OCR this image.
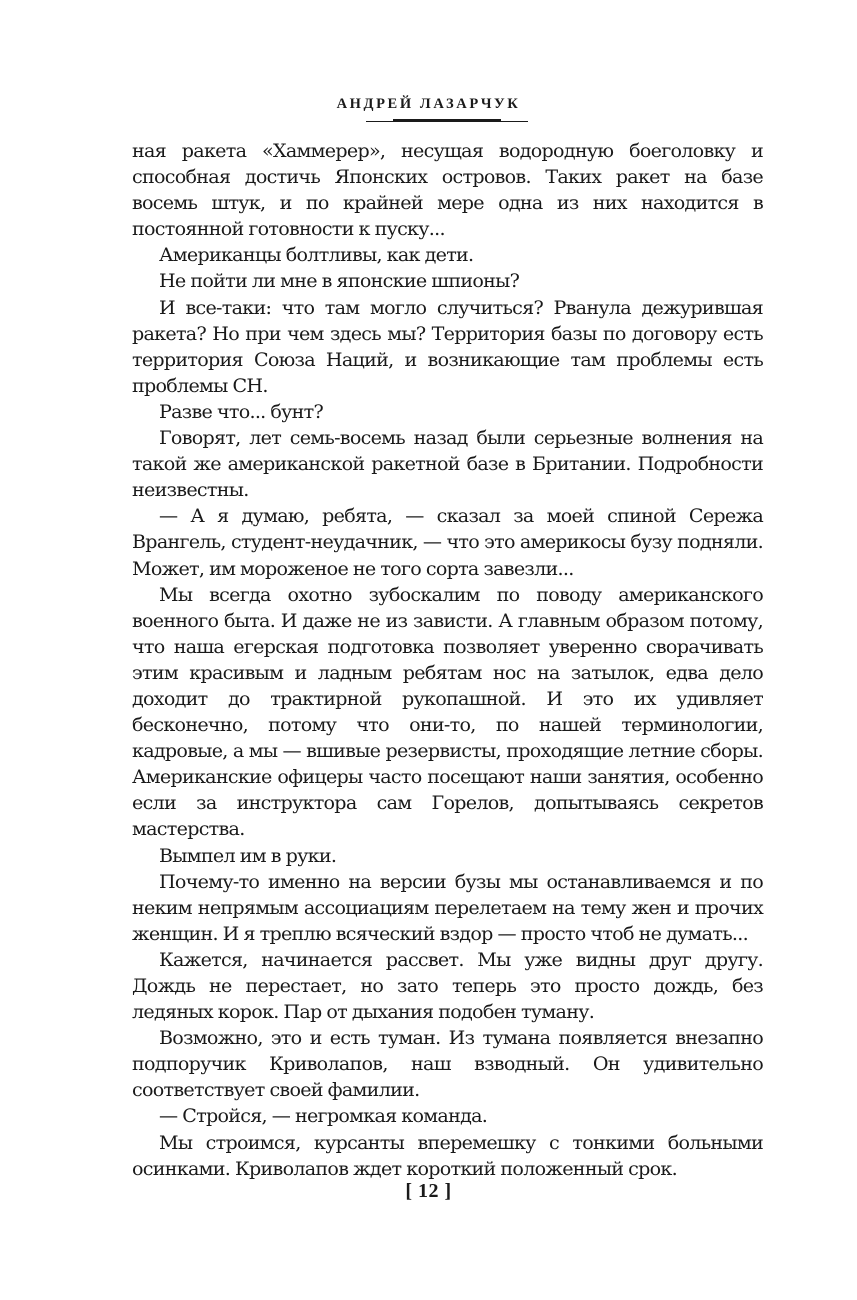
АНДРЕЙ ЛАЗАРЧУК

ная ракета «Хаммерер», несущая водородную боеголовку и способная достичь Японских островов. Таких ракет на базе восемь штук, и по крайней мере одна из них находится в постоянной готовности к пуску...

Американцы болтливы, как дети.

Не пойти ли мне в японские шпионы?

И все-таки: что там могло случиться? Рванула дежурившая ракета? Но при чем здесь мы? Территория базы по договору есть территория Союза Наций, и возникающие там проблемы есть проблемы СН.

Разве что... бунт?

Говорят, лет семь-восемь назад были серьезные волнения на такой же американской ракетной базе в Британии. Подробности неизвестны.

— А я думаю, ребята, — сказал за моей спиной Сережа Врангель, студент-неудачник, — что это америкосы бузу подняли. Может, им мороженое не того сорта завезли...

Мы всегда охотно зубоскалим по поводу американского военного быта. И даже не из зависти. А главным образом потому, что наша егерская подготовка позволяет уверенно сворачивать этим красивым и ладным ребятам нос на затылок, едва дело доходит до трактирной рукопашной. И это их удивляет бесконечно, потому что они-то, по нашей терминологии, кадровые, а мы — вшивые резервисты, проходящие летние сборы. Американские офицеры часто посещают наши занятия, особенно если за инструктора сам Горелов, допытываясь секретов мастерства.

Вымпел им в руки.

Почему-то именно на версии бузы мы останавливаемся и по неким непрямым ассоциациям перелетаем на тему жен и прочих женщин. И я треплю всяческий вздор — просто чтоб не думать...

Кажется, начинается рассвет. Мы уже видны друг другу. Дождь не перестает, но зато теперь это просто дождь, без ледяных корок. Пар от дыхания подобен туману.

Возможно, это и есть туман. Из тумана появляется внезапно подпоручик Криволапов, наш взводный. Он удивительно соответствует своей фамилии.

— Стройся, — негромкая команда.

Мы строимся, курсанты вперемешку с тонкими больными осинками. Криволапов ждет короткий положенный срок.

[ 12 ]
